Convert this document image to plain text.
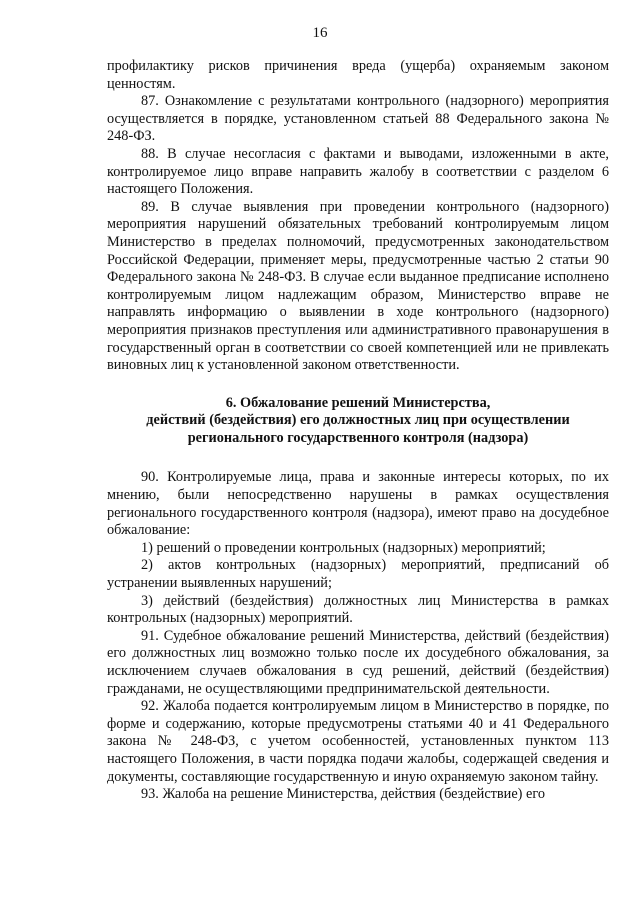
16

профилактику рисков причинения вреда (ущерба) охраняемым законом ценностям.

87. Ознакомление с результатами контрольного (надзорного) мероприятия осуществляется в порядке, установленном статьей 88 Федерального закона № 248-ФЗ.

88. В случае несогласия с фактами и выводами, изложенными в акте, контролируемое лицо вправе направить жалобу в соответствии с разделом 6 настоящего Положения.

89. В случае выявления при проведении контрольного (надзорного) мероприятия нарушений обязательных требований контролируемым лицом Министерство в пределах полномочий, предусмотренных законодательством Российской Федерации, применяет меры, предусмотренные частью 2 статьи 90 Федерального закона № 248-ФЗ. В случае если выданное предписание исполнено контролируемым лицом надлежащим образом, Министерство вправе не направлять информацию о выявлении в ходе контрольного (надзорного) мероприятия признаков преступления или административного правонарушения в государственный орган в соответствии со своей компетенцией или не привлекать виновных лиц к установленной законом ответственности.

6. Обжалование решений Министерства,
действий (бездействия) его должностных лиц при осуществлении
регионального государственного контроля (надзора)

90. Контролируемые лица, права и законные интересы которых, по их мнению, были непосредственно нарушены в рамках осуществления регионального государственного контроля (надзора), имеют право на досудебное обжалование:

1) решений о проведении контрольных (надзорных) мероприятий;

2) актов контрольных (надзорных) мероприятий, предписаний об устранении выявленных нарушений;

3) действий (бездействия) должностных лиц Министерства в рамках контрольных (надзорных) мероприятий.

91. Судебное обжалование решений Министерства, действий (бездействия) его должностных лиц возможно только после их досудебного обжалования, за исключением случаев обжалования в суд решений, действий (бездействия) гражданами, не осуществляющими предпринимательской деятельности.

92. Жалоба подается контролируемым лицом в Министерство в порядке, по форме и содержанию, которые предусмотрены статьями 40 и 41 Федерального закона № 248-ФЗ, с учетом особенностей, установленных пунктом 113 настоящего Положения, в части порядка подачи жалобы, содержащей сведения и документы, составляющие государственную и иную охраняемую законом тайну.

93. Жалоба на решение Министерства, действия (бездействие) его
